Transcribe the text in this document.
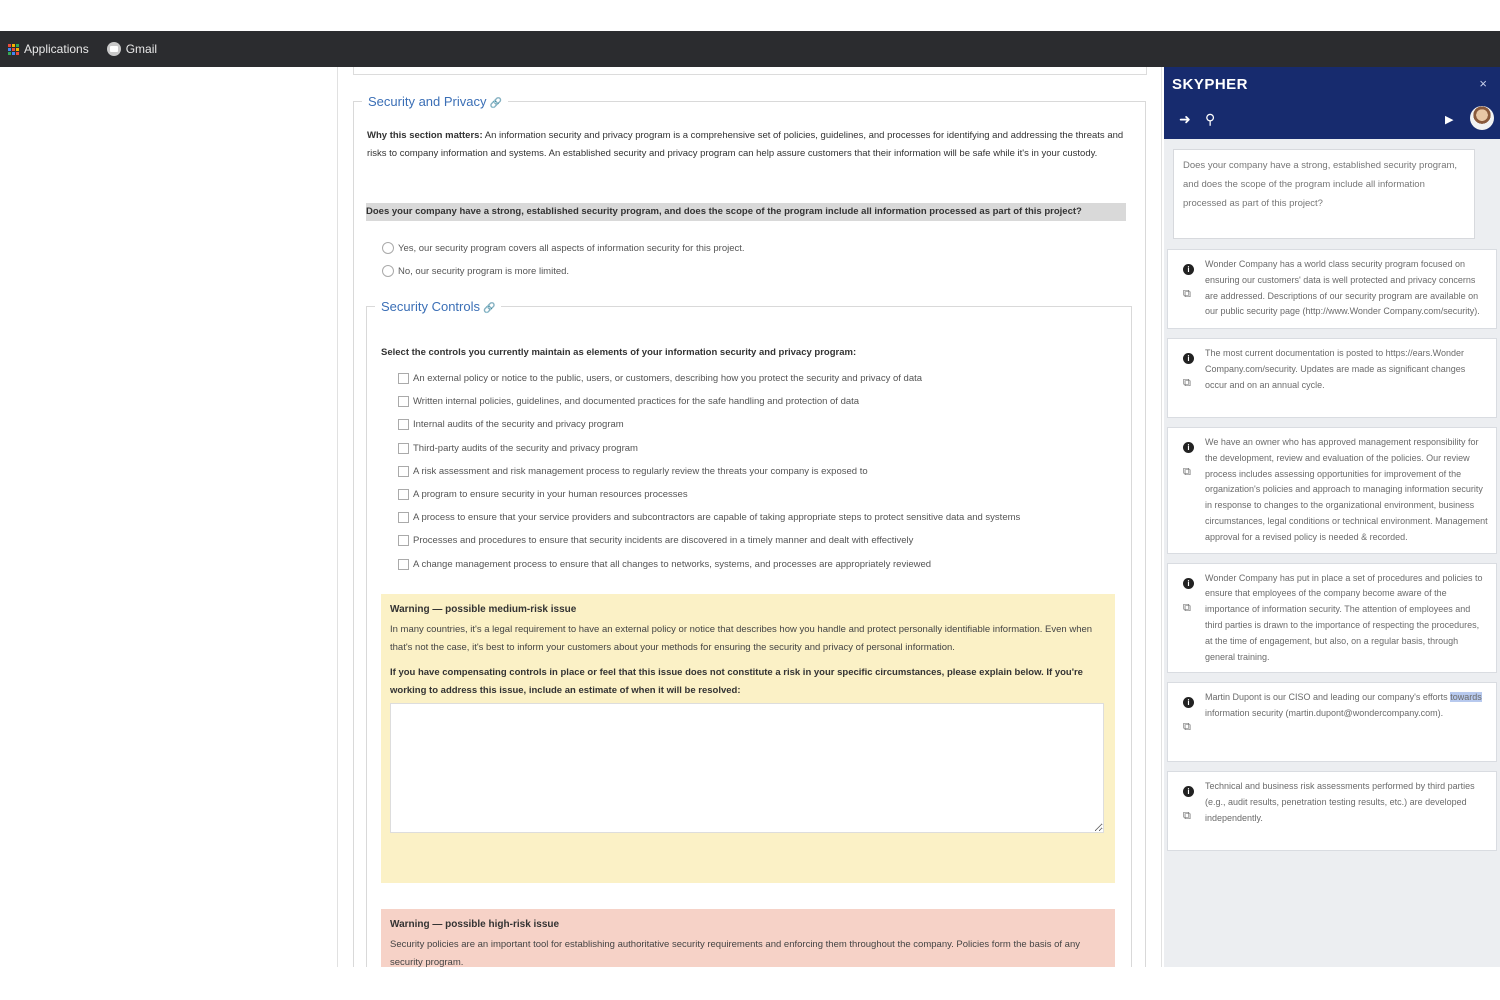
Applications	Gmail
Security and Privacy 🔗
Why this section matters: An information security and privacy program is a comprehensive set of policies, guidelines, and processes for identifying and addressing the threats and risks to company information and systems. An established security and privacy program can help assure customers that their information will be safe while it's in your custody.
Does your company have a strong, established security program, and does the scope of the program include all information processed as part of this project?
Yes, our security program covers all aspects of information security for this project.
No, our security program is more limited.
Security Controls 🔗
Select the controls you currently maintain as elements of your information security and privacy program:
An external policy or notice to the public, users, or customers, describing how you protect the security and privacy of data
Written internal policies, guidelines, and documented practices for the safe handling and protection of data
Internal audits of the security and privacy program
Third-party audits of the security and privacy program
A risk assessment and risk management process to regularly review the threats your company is exposed to
A program to ensure security in your human resources processes
A process to ensure that your service providers and subcontractors are capable of taking appropriate steps to protect sensitive data and systems
Processes and procedures to ensure that security incidents are discovered in a timely manner and dealt with effectively
A change management process to ensure that all changes to networks, systems, and processes are appropriately reviewed
Warning — possible medium-risk issue
In many countries, it's a legal requirement to have an external policy or notice that describes how you handle and protect personally identifiable information. Even when that's not the case, it's best to inform your customers about your methods for ensuring the security and privacy of personal information.
If you have compensating controls in place or feel that this issue does not constitute a risk in your specific circumstances, please explain below. If you're working to address this issue, include an estimate of when it will be resolved:
Warning — possible high-risk issue
Security policies are an important tool for establishing authoritative security requirements and enforcing them throughout the company. Policies form the basis of any security program.
SKYPHER	×
➜ ⚲	▶
Does your company have a strong, established security program, and does the scope of the program include all information processed as part of this project?
i
⧉
Wonder Company has a world class security program focused on ensuring our customers' data is well protected and privacy concerns are addressed. Descriptions of our security program are available on our public security page (http://www.Wonder Company.com/security).
i
⧉
The most current documentation is posted to https://ears.Wonder Company.com/security. Updates are made as significant changes occur and on an annual cycle.
i
⧉
We have an owner who has approved management responsibility for the development, review and evaluation of the policies. Our review process includes assessing opportunities for improvement of the organization's policies and approach to managing information security in response to changes to the organizational environment, business circumstances, legal conditions or technical environment. Management approval for a revised policy is needed & recorded.
i
⧉
Wonder Company has put in place a set of procedures and policies to ensure that employees of the company become aware of the importance of information security. The attention of employees and third parties is drawn to the importance of respecting the procedures, at the time of engagement, but also, on a regular basis, through general training.
i
⧉
Martin Dupont is our CISO and leading our company's efforts towards information security (martin.dupont@wondercompany.com).
i
⧉
Technical and business risk assessments performed by third parties (e.g., audit results, penetration testing results, etc.) are developed independently.
